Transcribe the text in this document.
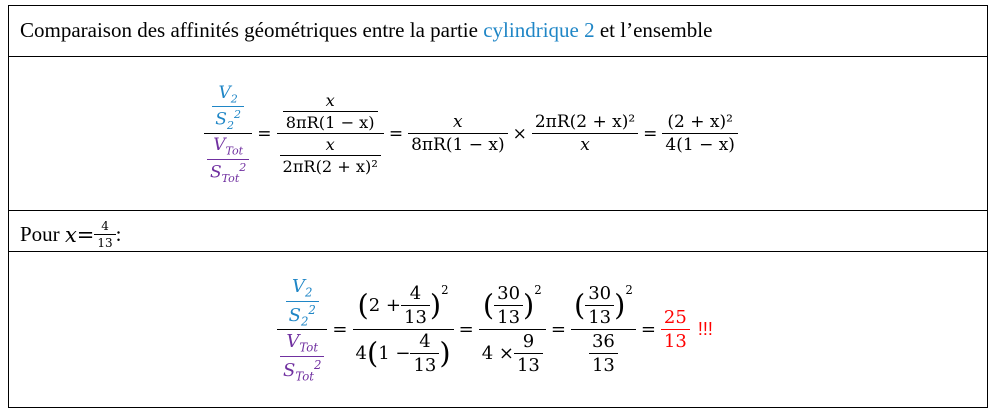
Comparaison des affinités géométriques entre la partie cylindrique 2 et l’ensemble
$\frac{\frac{V_2}{S_2^2}}{\frac{V_{Tot}}{S_{Tot}^2}} = \frac{\frac{x}{8\pi R(1 - x)}}{\frac{x}{\text{2πR(2 + x)²}}} = \frac{x}{8\pi R(1 - x)} \times \frac{\text{2πR(2 + x)²}}{x} = \frac{\text{(2 + x)²}}{4(1 - x)}$
Pour
$x = \frac{4}{13}$ :
$\frac{\frac{V_2}{S_2^2}}{\frac{V_{Tot}}{S_{Tot}^2}} = \frac{( 2 + \frac{4}{13} ) 2}{4 ( 1 - \frac{4}{13} )} = \frac{( \frac{30}{13} ) 2}{4 \times \frac{9}{13}} = \frac{( \frac{30}{13} ) 2}{\frac{36}{13}} = \frac{25}{13}$ !!!
